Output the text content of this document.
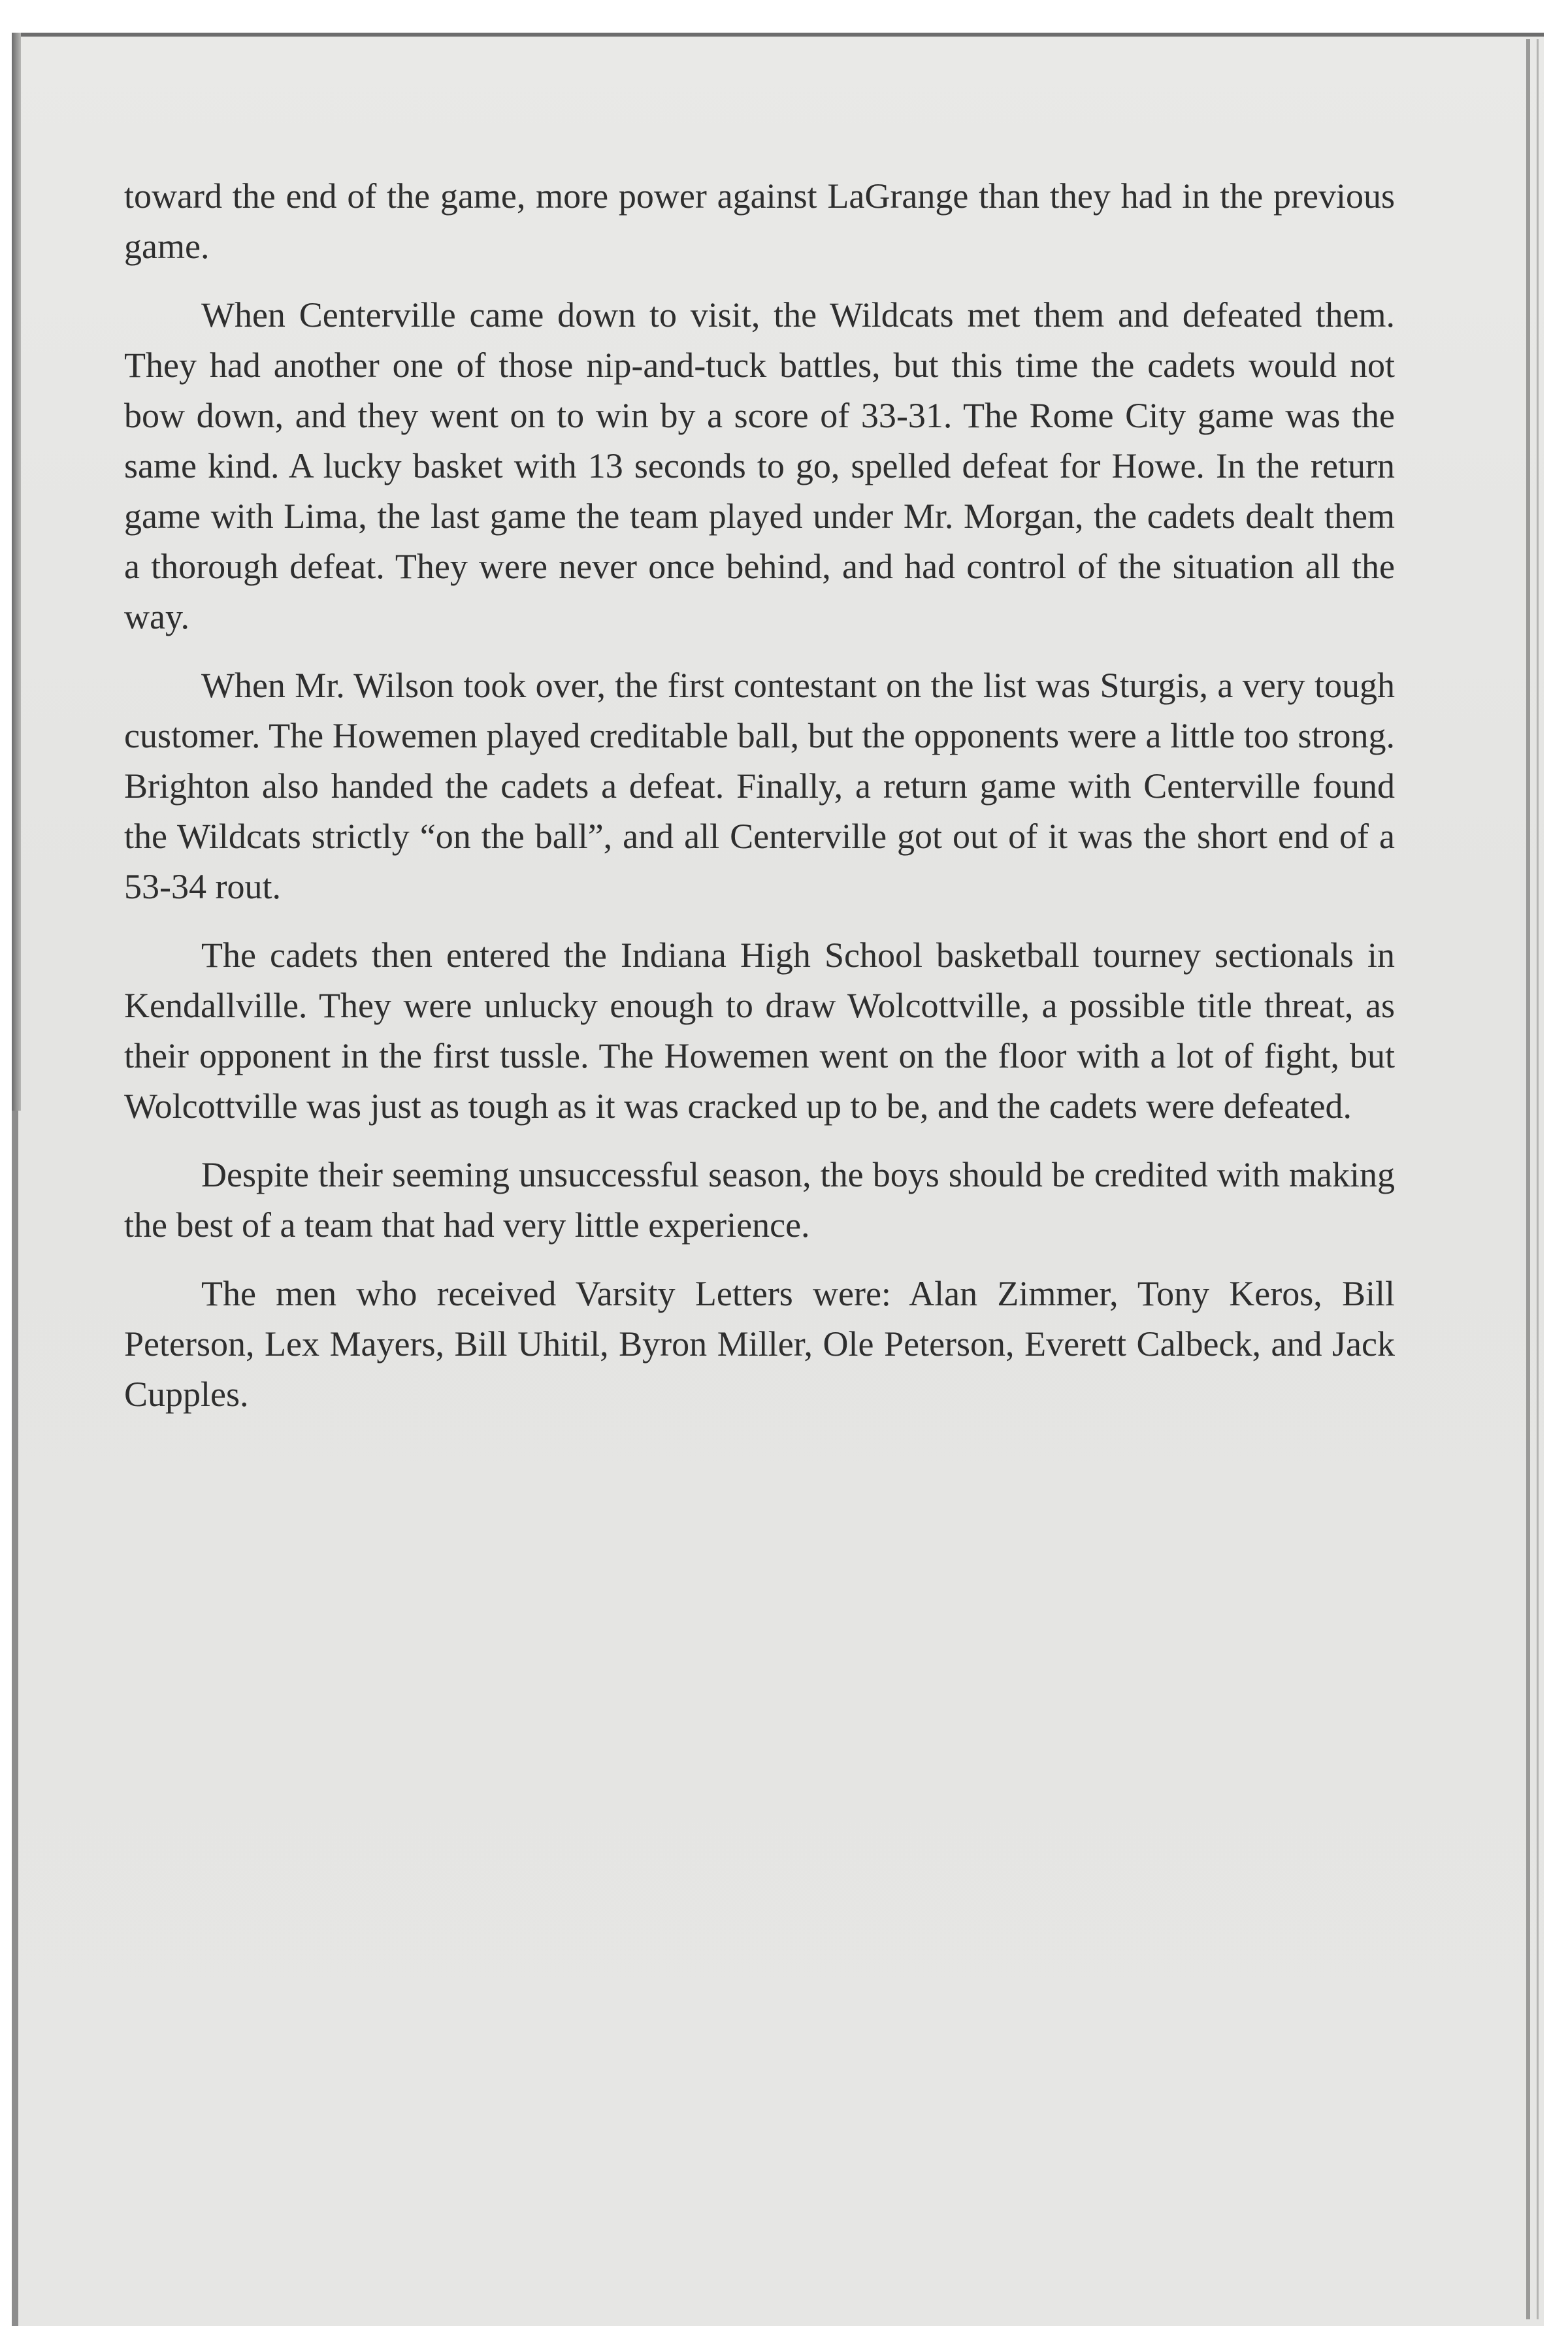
toward the end of the game, more power against LaGrange than they had in the previous game.

When Centerville came down to visit, the Wildcats met them and defeated them. They had another one of those nip-and-tuck battles, but this time the cadets would not bow down, and they went on to win by a score of 33-31. The Rome City game was the same kind. A lucky basket with 13 seconds to go, spelled defeat for Howe. In the return game with Lima, the last game the team played under Mr. Morgan, the cadets dealt them a thorough defeat. They were never once behind, and had control of the situation all the way.

When Mr. Wilson took over, the first contestant on the list was Sturgis, a very tough customer. The Howemen played creditable ball, but the opponents were a little too strong. Brighton also handed the cadets a defeat. Finally, a return game with Centerville found the Wildcats strictly “on the ball”, and all Centerville got out of it was the short end of a 53-34 rout.

The cadets then entered the Indiana High School basketball tourney sectionals in Kendallville. They were unlucky enough to draw Wolcottville, a possible title threat, as their opponent in the first tussle. The Howemen went on the floor with a lot of fight, but Wolcottville was just as tough as it was cracked up to be, and the cadets were defeated.

Despite their seeming unsuccessful season, the boys should be credited with making the best of a team that had very little experience.

The men who received Varsity Letters were: Alan Zimmer, Tony Keros, Bill Peterson, Lex Mayers, Bill Uhitil, Byron Miller, Ole Peterson, Everett Calbeck, and Jack Cupples.
